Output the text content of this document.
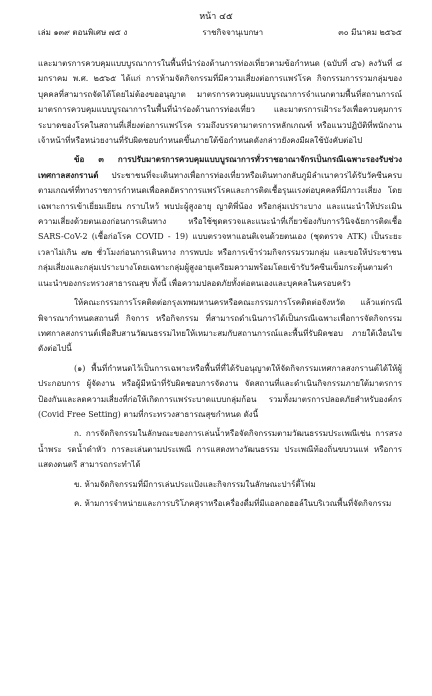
หน้า ๔๕
เล่ม ๑๓๙ ตอนพิเศษ ๗๕ ง	ราชกิจจานุเบกษา	๓๐ มีนาคม ๒๕๖๕

และมาตรการควบคุมแบบบูรณาการในพื้นที่นำร่องด้านการท่องเที่ยวตามข้อกำหนด (ฉบับที่ ๔๖) ลงวันที่ ๘ มกราคม พ.ศ. ๒๕๖๕ ได้แก่ การห้ามจัดกิจกรรมที่มีความเสี่ยงต่อการแพร่โรค กิจกรรมการรวมกลุ่มของบุคคลที่สามารถจัดได้โดยไม่ต้องขออนุญาต มาตรการควบคุมแบบบูรณาการจำแนกตามพื้นที่สถานการณ์ มาตรการควบคุมแบบบูรณาการในพื้นที่นำร่องด้านการท่องเที่ยว และมาตรการเฝ้าระวังเพื่อควบคุมการระบาดของโรคในสถานที่เสี่ยงต่อการแพร่โรค รวมถึงบรรดามาตรการหลักเกณฑ์ หรือแนวปฏิบัติที่พนักงานเจ้าหน้าที่หรือหน่วยงานที่รับผิดชอบกำหนดขึ้นภายใต้ข้อกำหนดดังกล่าวยังคงมีผลใช้บังคับต่อไป

ข้อ ๓ การปรับมาตรการควบคุมแบบบูรณาการทั่วราชอาณาจักรเป็นกรณีเฉพาะรองรับช่วงเทศกาลสงกรานต์ ประชาชนที่จะเดินทางเพื่อการท่องเที่ยวหรือเดินทางกลับภูมิลำเนาควรได้รับวัคซีนครบตามเกณฑ์ที่ทางราชการกำหนดเพื่อลดอัตราการแพร่โรคและการติดเชื้อรุนแรงต่อบุคคลที่มีภาวะเสี่ยง โดยเฉพาะการเข้าเยี่ยมเยียน กราบไหว้ พบปะผู้สูงอายุ ญาติพี่น้อง หรือกลุ่มเปราะบาง และแนะนำให้ประเมินความเสี่ยงด้วยตนเองก่อนการเดินทาง หรือใช้ชุดตรวจและแนะนำที่เกี่ยวข้องกับการวินิจฉัยการติดเชื้อ SARS-CoV-2 (เชื้อก่อโรค COVID - 19) แบบตรวจหาแอนติเจนด้วยตนเอง (ชุดตรวจ ATK) เป็นระยะเวลาไม่เกิน ๗๒ ชั่วโมงก่อนการเดินทาง การพบปะ หรือการเข้าร่วมกิจกรรมรวมกลุ่ม และขอให้ประชาชนกลุ่มเสี่ยงและกลุ่มเปราะบางโดยเฉพาะกลุ่มผู้สูงอายุเตรียมความพร้อมโดยเข้ารับวัคซีนเข็มกระตุ้นตามคำแนะนำของกระทรวงสาธารณสุข ทั้งนี้ เพื่อความปลอดภัยทั้งต่อตนเองและบุคคลในครอบครัว

ให้คณะกรรมการโรคติดต่อกรุงเทพมหานครหรือคณะกรรมการโรคติดต่อจังหวัด แล้วแต่กรณี พิจารณากำหนดสถานที่ กิจการ หรือกิจกรรม ที่สามารถดำเนินการได้เป็นกรณีเฉพาะเพื่อการจัดกิจกรรมเทศกาลสงกรานต์เพื่อสืบสานวัฒนธรรมไทยให้เหมาะสมกับสถานการณ์และพื้นที่รับผิดชอบ ภายใต้เงื่อนไขดังต่อไปนี้

(๑) พื้นที่กำหนดไว้เป็นการเฉพาะหรือพื้นที่ที่ได้รับอนุญาตให้จัดกิจกรรมเทศกาลสงกรานต์ได้ให้ผู้ประกอบการ ผู้จัดงาน หรือผู้มีหน้าที่รับผิดชอบการจัดงาน จัดสถานที่และดำเนินกิจกรรมภายใต้มาตรการป้องกันและลดความเสี่ยงที่ก่อให้เกิดการแพร่ระบาดแบบกลุ่มก้อน รวมทั้งมาตรการปลอดภัยสำหรับองค์กร (Covid Free Setting) ตามที่กระทรวงสาธารณสุขกำหนด ดังนี้

ก. การจัดกิจกรรมในลักษณะของการเล่นน้ำหรือจัดกิจกรรมตามวัฒนธรรมประเพณีเช่น การสรงน้ำพระ รดน้ำดำหัว การละเล่นตามประเพณี การแสดงทางวัฒนธรรม ประเพณีท้องถิ่นขบวนแห่ หรือการแสดงดนตรี สามารถกระทำได้

ข. ห้ามจัดกิจกรรมที่มีการเล่นประแป้งและกิจกรรมในลักษณะปาร์ตี้โฟม

ค. ห้ามการจำหน่ายและการบริโภคสุราหรือเครื่องดื่มที่มีแอลกอฮอล์ในบริเวณพื้นที่จัดกิจกรรม
